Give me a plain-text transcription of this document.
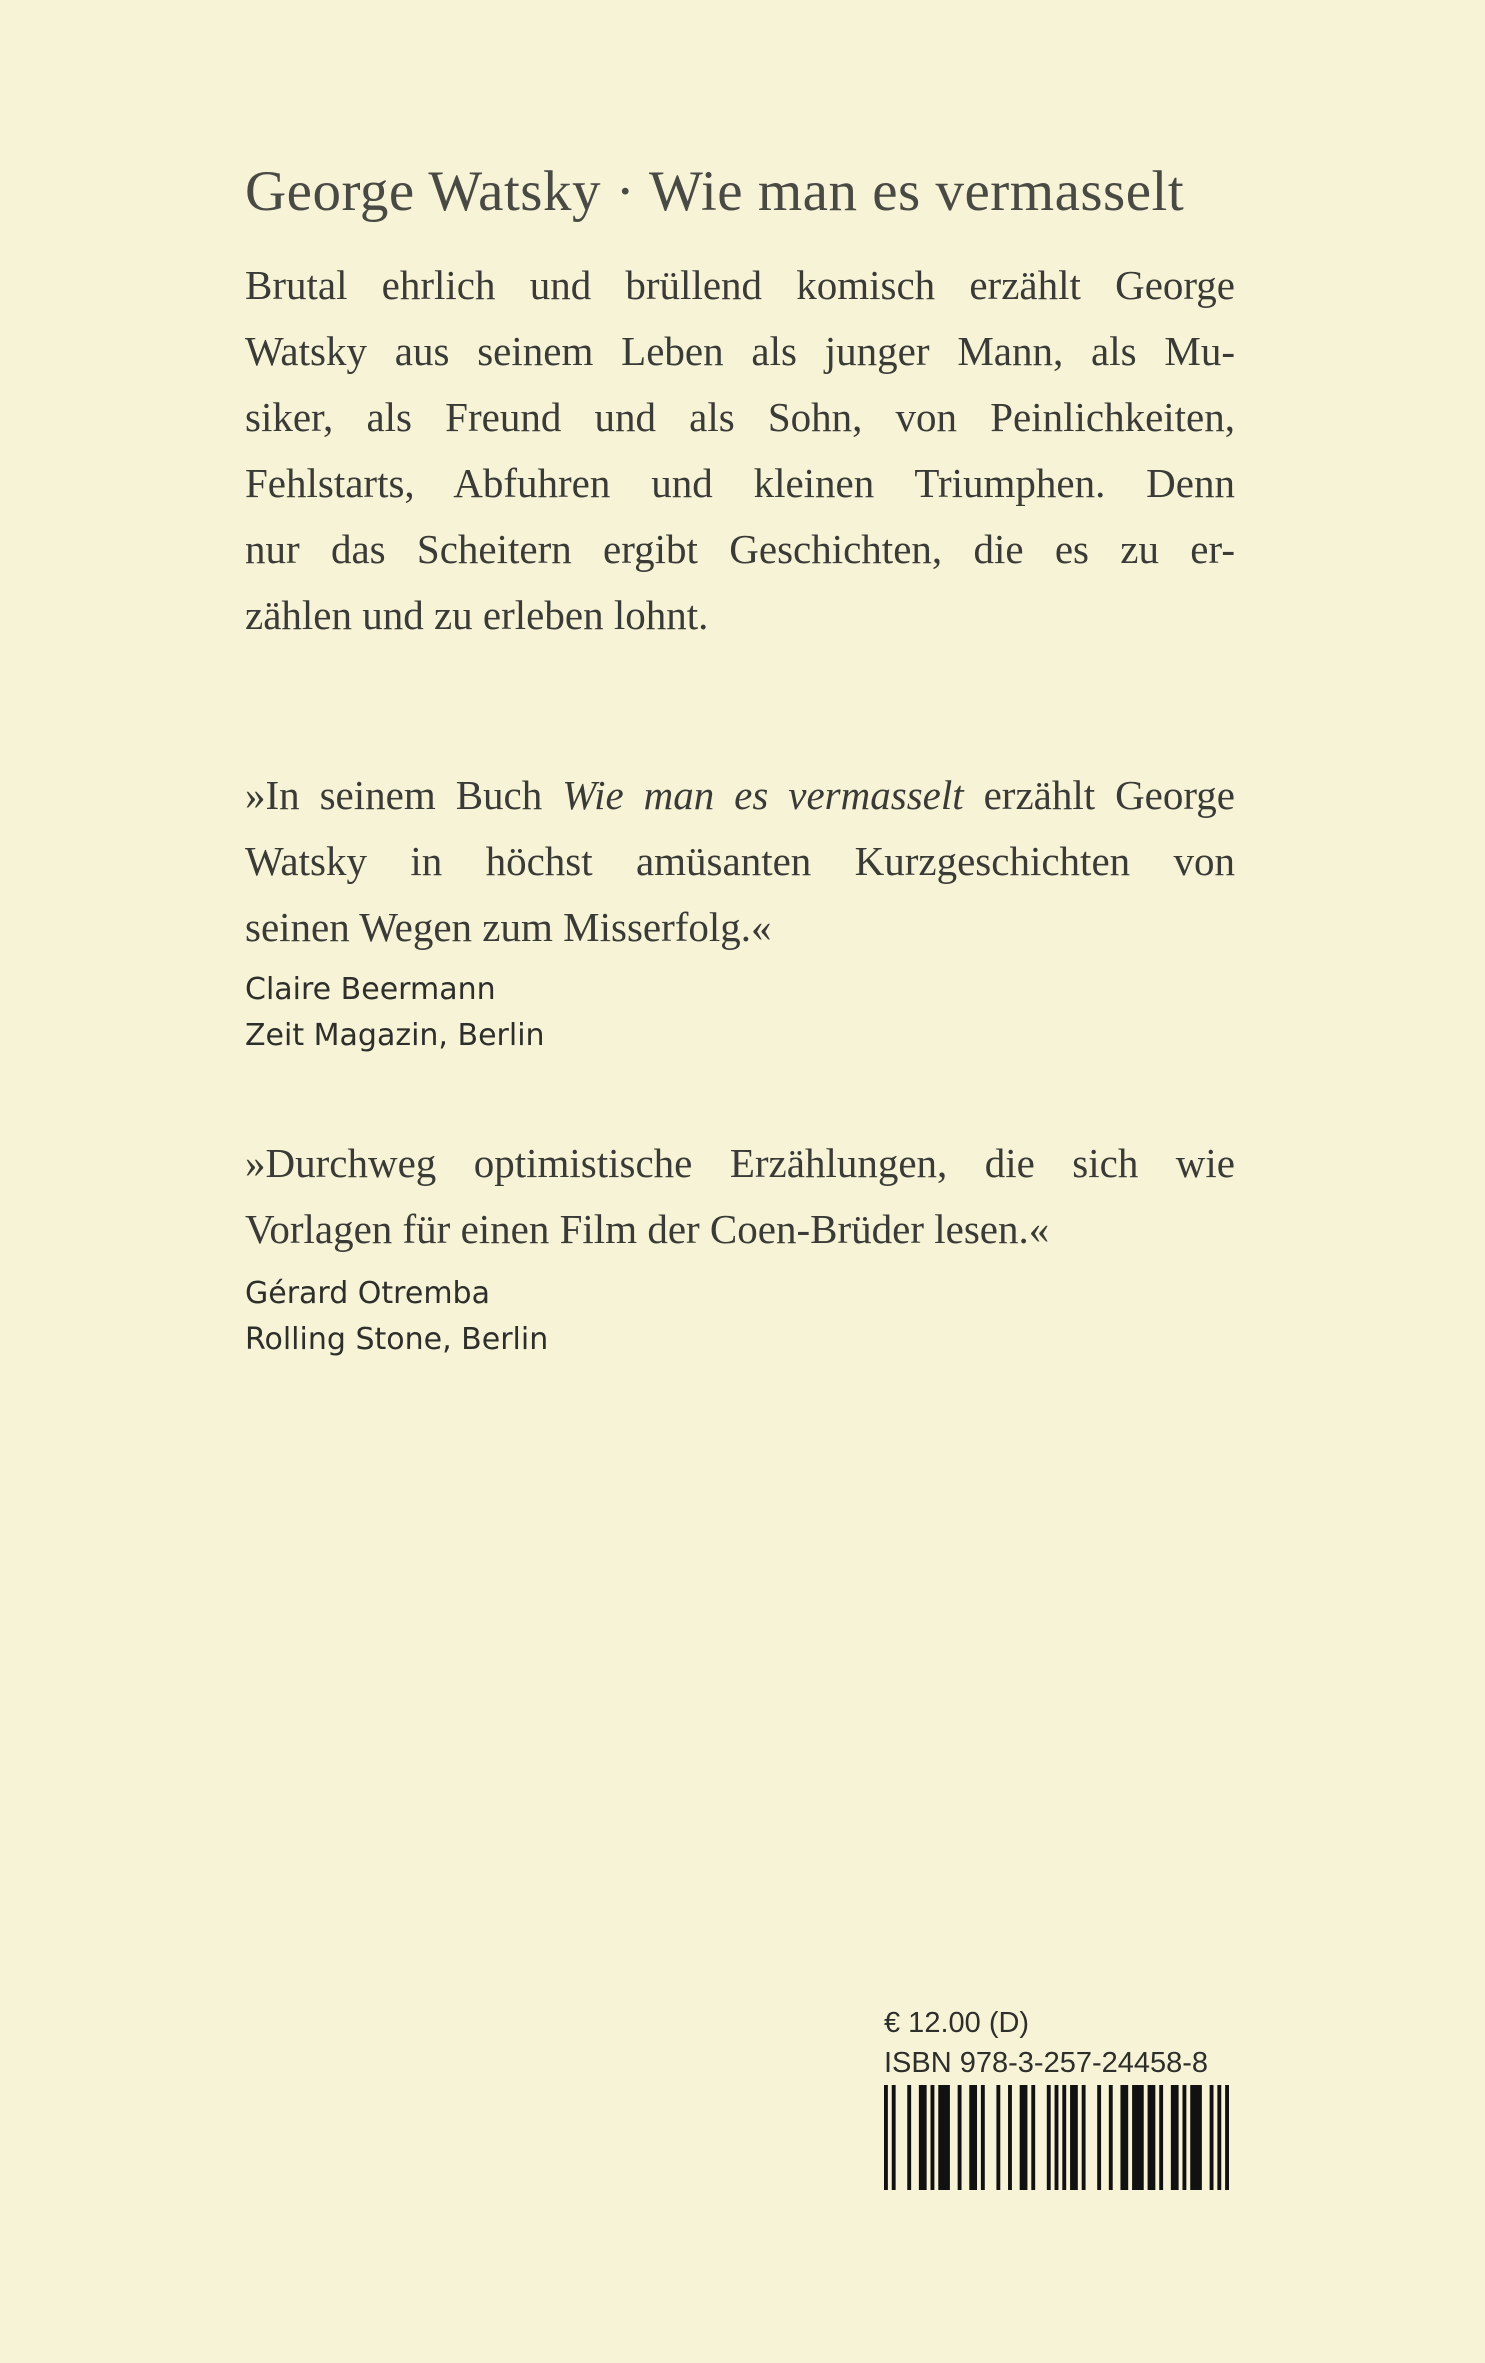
George Watsky · Wie man es vermasselt
Brutal ehrlich und brüllend komisch erzählt George
Watsky aus seinem Leben als junger Mann, als Mu-
siker, als Freund und als Sohn, von Peinlichkeiten,
Fehlstarts, Abfuhren und kleinen Triumphen. Denn
nur das Scheitern ergibt Geschichten, die es zu er-
zählen und zu erleben lohnt.
»In seinem Buch Wie man es vermasselt erzählt George
Watsky in höchst amüsanten Kurzgeschichten von
seinen Wegen zum Misserfolg.«
Claire Beermann
Zeit Magazin, Berlin
»Durchweg optimistische Erzählungen, die sich wie
Vorlagen für einen Film der Coen-Brüder lesen.«
Gérard Otremba
Rolling Stone, Berlin
€ 12.00 (D)
ISBN 978-3-257-24458-8
